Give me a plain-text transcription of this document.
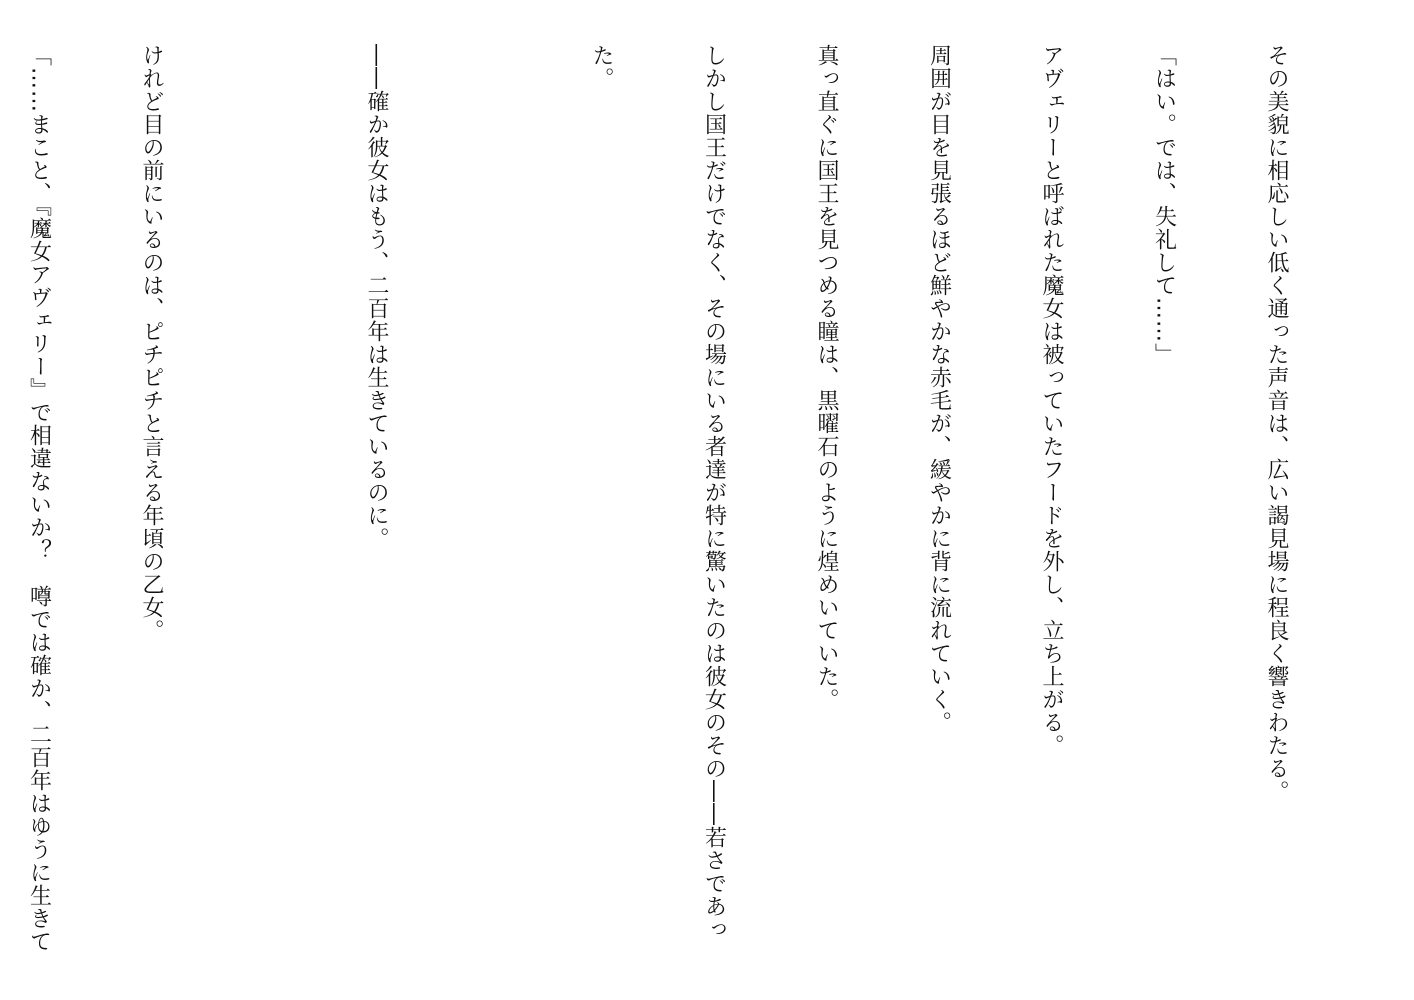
その美貌に相応しい低く通った声音は、広い謁見場に程良く響きわたる。

「はい。では、失礼して……」

アヴェリーと呼ばれた魔女は被っていたフードを外し、立ち上がる。

周囲が目を見張るほど鮮やかな赤毛が、緩やかに背に流れていく。

真っ直ぐに国王を見つめる瞳は、黒曜石のように煌めいていた。

しかし国王だけでなく、その場にいる者達が特に驚いたのは彼女のその――若さであっ

た。

――確か彼女はもう、二百年は生きているのに。

けれど目の前にいるのは、ピチピチと言える年頃の乙女。

「……まこと、『魔女アヴェリー』で相違ないか？　噂では確か、二百年はゆうに生きて
